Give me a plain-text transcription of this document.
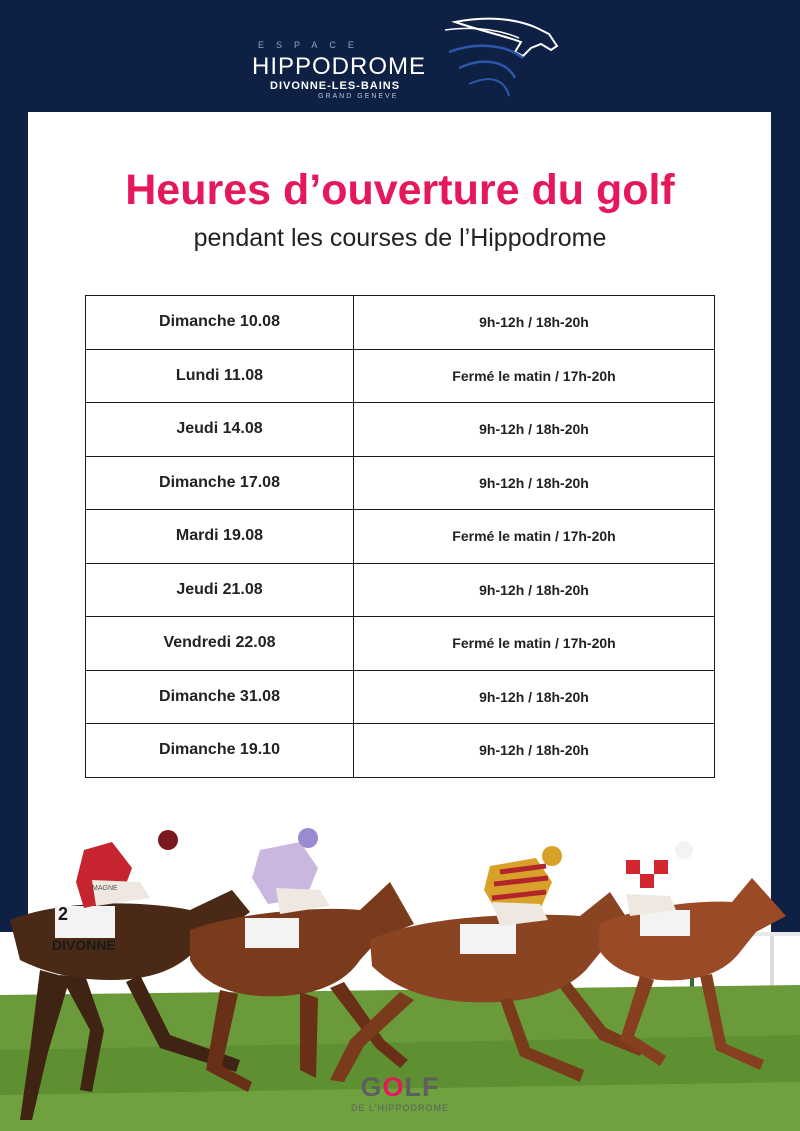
ESPACE
HIPPODROME
DIVONNE-LES-BAINS
GRAND GENEVE
Heures d’ouverture du golf
pendant les courses de l’Hippodrome
Dimanche 10.08	9h-12h / 18h-20h
Lundi 11.08	Fermé le matin / 17h-20h
Jeudi 14.08	9h-12h / 18h-20h
Dimanche 17.08	9h-12h / 18h-20h
Mardi 19.08	Fermé le matin / 17h-20h
Jeudi 21.08	9h-12h / 18h-20h
Vendredi 22.08	Fermé le matin / 17h-20h
Dimanche 31.08	9h-12h / 18h-20h
Dimanche 19.10	9h-12h / 18h-20h
DIVONNE
2
MAGNE
GOLF
DE L’HIPPODROME
